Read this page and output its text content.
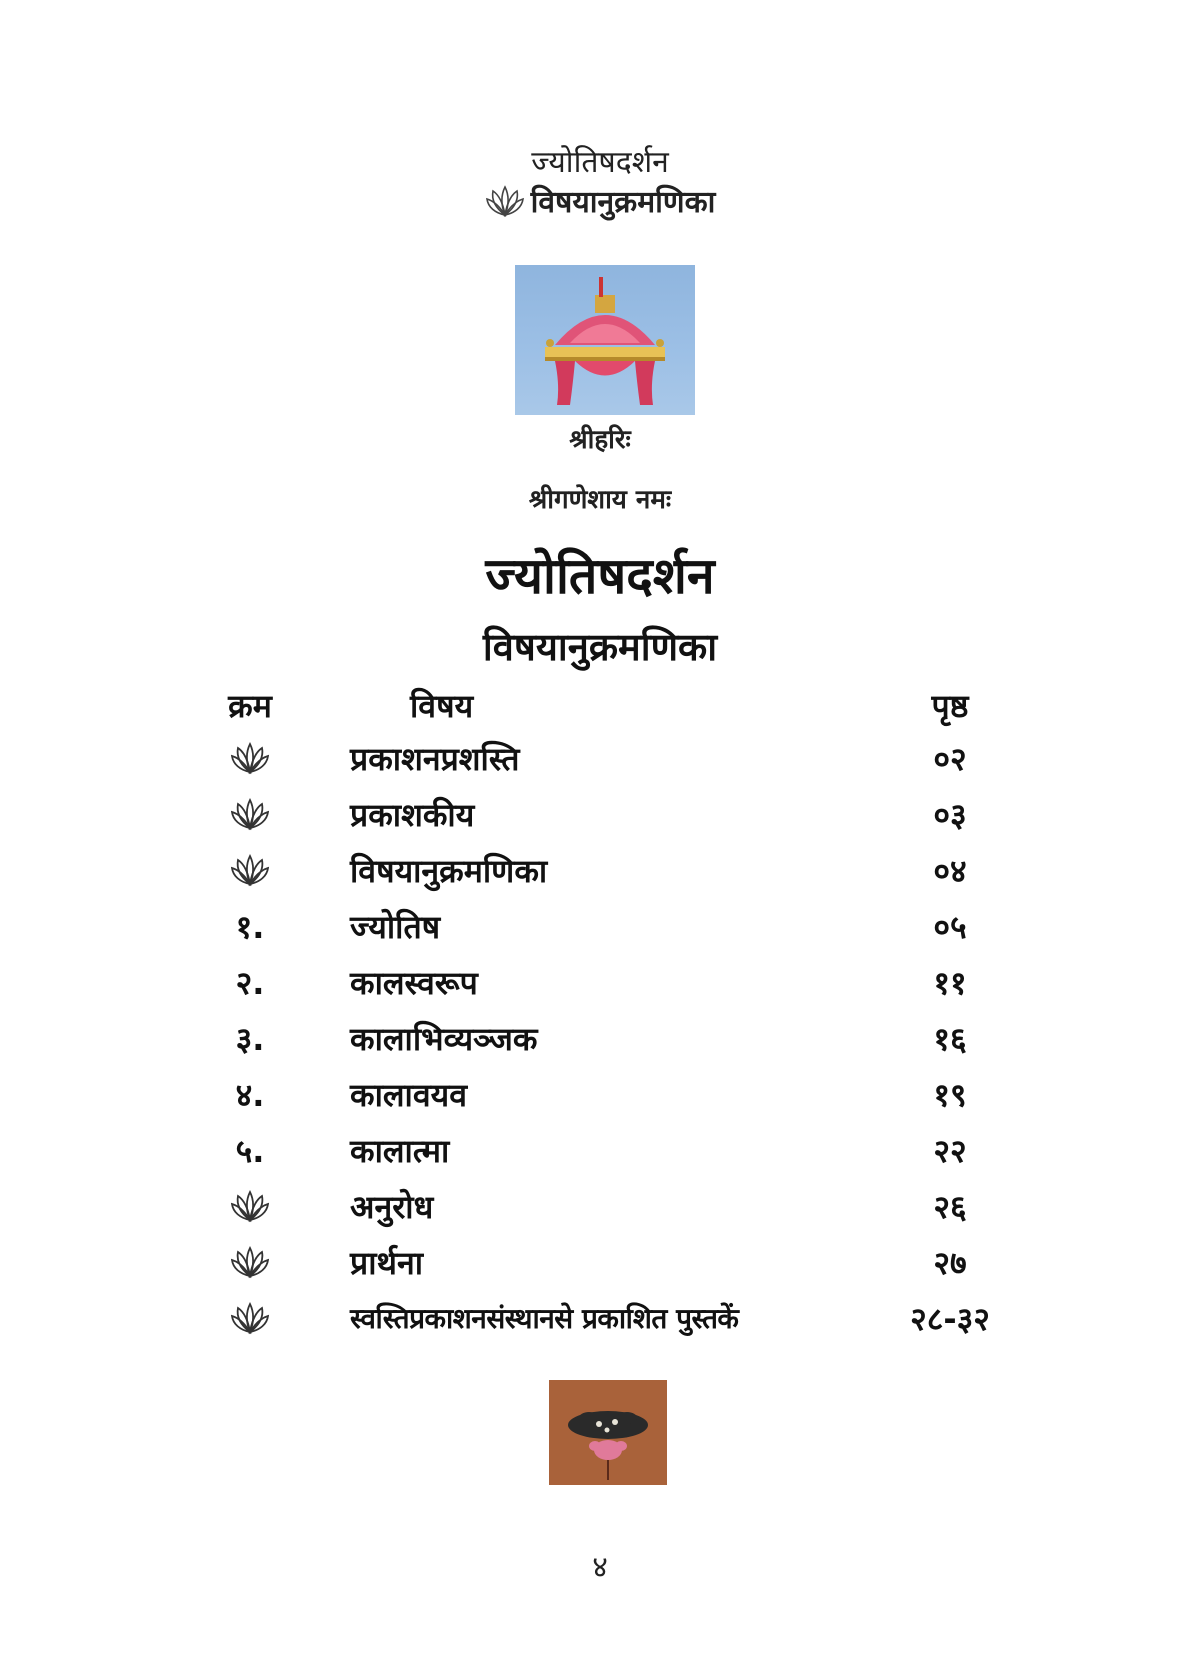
ज्योतिषदर्शन
विषयानुक्रमणिका
श्रीहरिः
श्रीगणेशाय नमः
ज्योतिषदर्शन
विषयानुक्रमणिका
क्रम	विषय	पृष्ठ
प्रकाशनप्रशस्ति	०२
प्रकाशकीय	०३
विषयानुक्रमणिका	०४
१.	ज्योतिष	०५
२.	कालस्वरूप	११
३.	कालाभिव्यञ्जक	१६
४.	कालावयव	१९
५.	कालात्मा	२२
अनुरोध	२६
प्रार्थना	२७
स्वस्तिप्रकाशनसंस्थानसे प्रकाशित पुस्तकें	२८-३२
४
